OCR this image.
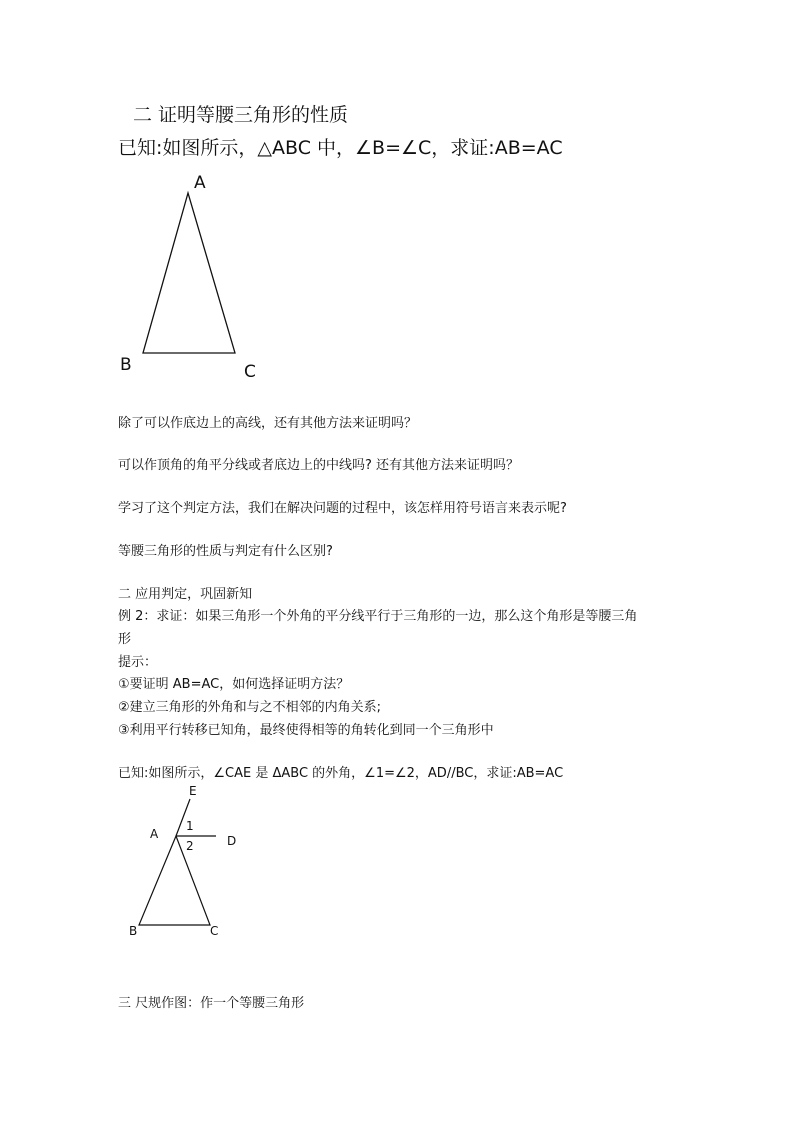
二 证明等腰三角形的性质
已知:如图所示，△ABC 中，∠B=∠C，求证:AB=AC
A
B	C
除了可以作底边上的高线，还有其他方法来证明吗？
可以作顶角的角平分线或者底边上的中线吗? 还有其他方法来证明吗？
学习了这个判定方法，我们在解决问题的过程中，该怎样用符号语言来表示呢?
等腰三角形的性质与判定有什么区别?
二 应用判定，巩固新知
例 2：求证：如果三角形一个外角的平分线平行于三角形的一边，那么这个角形是等腰三角
形
提示：
①要证明 AB=AC，如何选择证明方法？
②建立三角形的外角和与之不相邻的内角关系;
③利用平行转移已知角，最终使得相等的角转化到同一个三角形中
已知:如图所示，∠CAE 是 ΔABC 的外角，∠1=∠2，AD//BC，求证:AB=AC
E
1
A	D
2
B	C
三 尺规作图：作一个等腰三角形
